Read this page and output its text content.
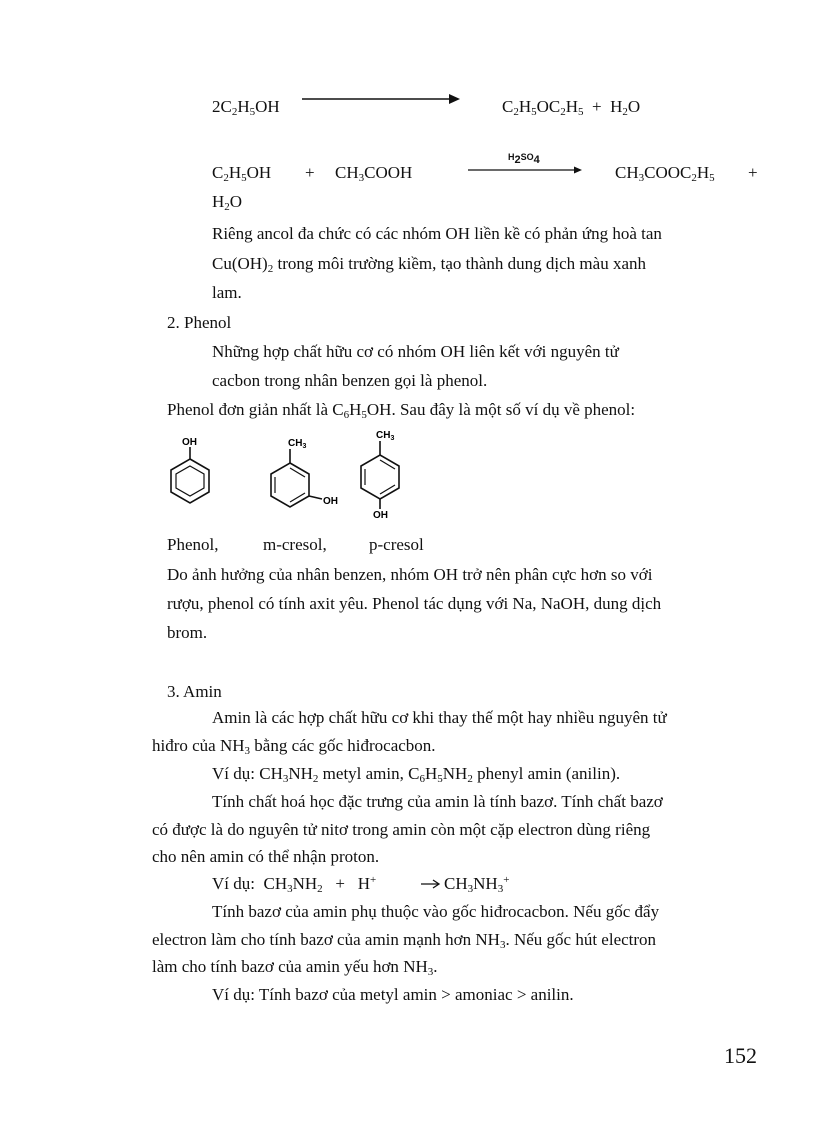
$2C_2H_5OH$	$C_2H_5OC_2H_5 + H_2O$
$C_2H_5OH$ + $CH_3COOH$
$H_2SO_4$
$CH_3COOC_2H_5$ +
$H_2O$
Riêng ancol đa chức có các nhóm OH liền kề có phản ứng hoà tan
$Cu(OH)_2$ trong môi trường kiềm, tạo thành dung dịch màu xanh
lam.
2. Phenol
Những hợp chất hữu cơ có nhóm OH liên kết với nguyên tử
cacbon trong nhân benzen gọi là phenol.
Phenol đơn giản nhất là $C_6H_5OH$. Sau đây là một số ví dụ về phenol:
OH	$CH_3$
OH
$CH_3$
OH
Phenol,	m-cresol, p-cresol
Do ảnh hưởng của nhân benzen, nhóm OH trở nên phân cực hơn so với
rượu, phenol có tính axit yêu. Phenol tác dụng với Na, NaOH, dung dịch
brom.
3. Amin
Amin là các hợp chất hữu cơ khi thay thế một hay nhiều nguyên tử
hiđro của $NH_3$ bằng các gốc hiđrocacbon.
Ví dụ: $CH_3NH_2$ metyl amin, $C_6H_5NH_2$ phenyl amin (anilin).
Tính chất hoá học đặc trưng của amin là tính bazơ. Tính chất bazơ
có được là do nguyên tử nitơ trong amin còn một cặp electron dùng riêng
cho nên amin có thể nhận proton.
Ví dụ:  $CH_3NH_2 + H^+$	$CH_3NH_3^+$
Tính bazơ của amin phụ thuộc vào gốc hiđrocacbon. Nếu gốc đẩy
electron làm cho tính bazơ của amin mạnh hơn $NH_3$. Nếu gốc hút electron
làm cho tính bazơ của amin yếu hơn $NH_3$.
Ví dụ: Tính bazơ của metyl amin > amoniac > anilin.
152
